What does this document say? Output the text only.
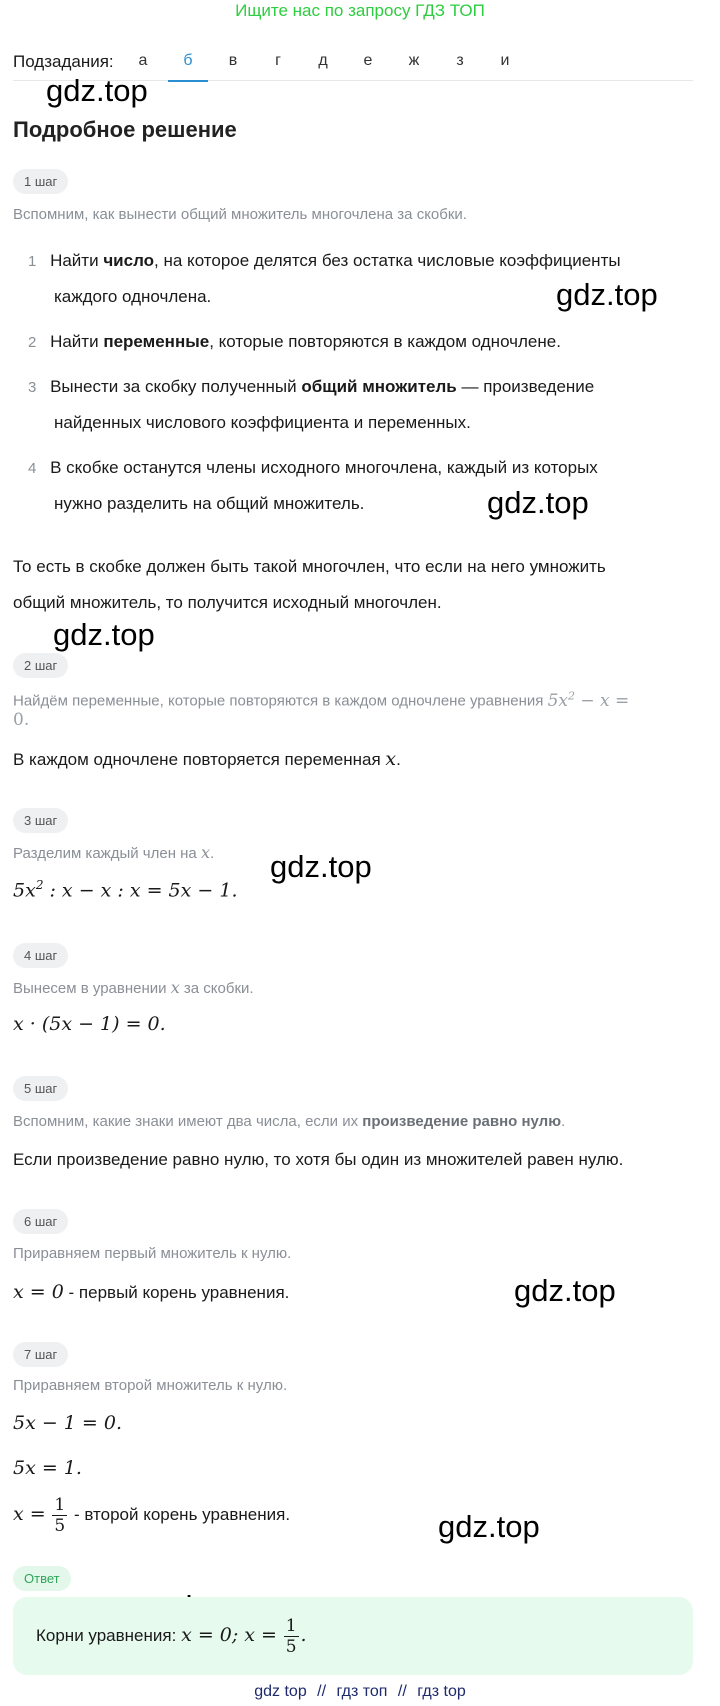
Ищите нас по запросу ГДЗ ТОП
Подзадания:	а	б	в	г	д	е	ж	з	и
gdz.top
gdz.top
gdz.top
gdz.top
gdz.top
gdz.top
gdz.top
Подробное решение
1 шаг
Вспомним, как вынести общий множитель многочлена за скобки.
1 Найти число, на которое делятся без остатка числовые коэффициенты
каждого одночлена.
2 Найти переменные, которые повторяются в каждом одночлене.
3 Вынести за скобку полученный общий множитель — произведение
найденных числового коэффициента и переменных.
4 В скобке останутся члены исходного многочлена, каждый из которых
нужно разделить на общий множитель.
То есть в скобке должен быть такой многочлен, что если на него умножить
общий множитель, то получится исходный многочлен.
2 шаг
Найдём переменные, которые повторяются в каждом одночлене уравнения $5x^2 - x$ =
0.
В каждом одночлене повторяется переменная x.
3 шаг
Разделим каждый член на x.
$5x^2$ : x − x : x = 5x − 1.
4 шаг
Вынесем в уравнении x за скобки.
x · (5x − 1) = 0.
5 шаг
Вспомним, какие знаки имеют два числа, если их произведение равно нулю.
Если произведение равно нулю, то хотя бы один из множителей равен нулю.
6 шаг
Приравняем первый множитель к нулю.
x = 0 - первый корень уравнения.
7 шаг
Приравняем второй множитель к нулю.
5x − 1 = 0.
5x = 1.
$x = \frac{1}{5}$ - второй корень уравнения.
Ответ
Корни уравнения: x = 0; $x = \frac{1}{5}$ .
gdz top // гдз топ // гдз top
